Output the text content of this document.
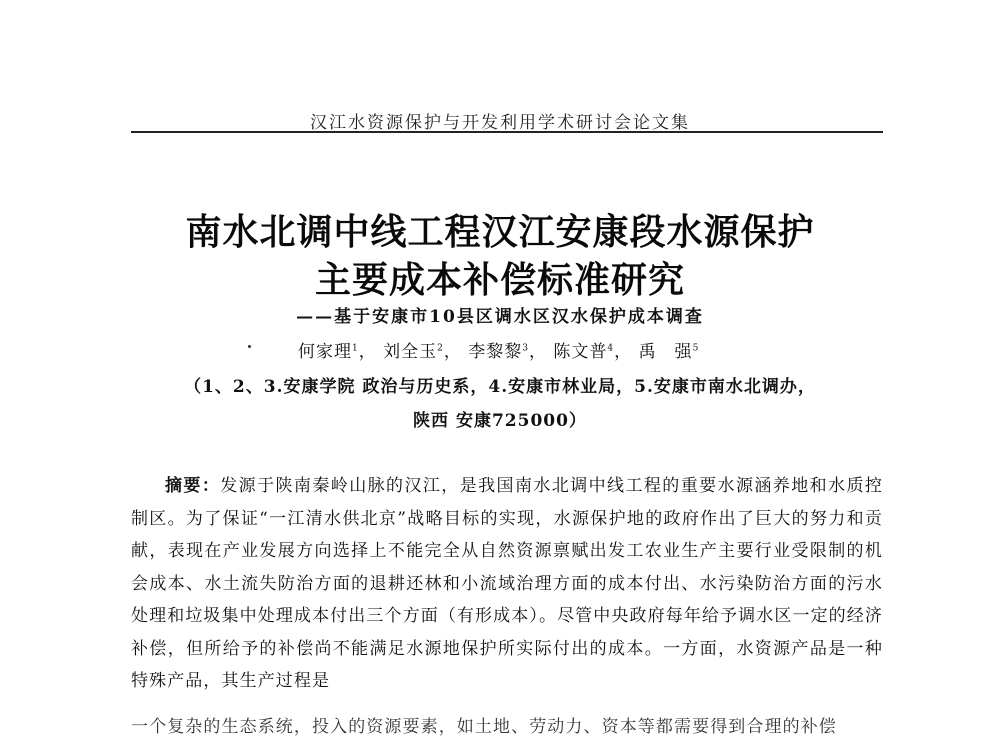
汉江水资源保护与开发利用学术研讨会论文集
南水北调中线工程汉江安康段水源保护
主要成本补偿标准研究
——基于安康市10县区调水区汉水保护成本调查
何家理$^1$， 刘全玉$^2$， 李黎黎$^3$， 陈文普$^4$， 禹　强$^5$
（1、2、3.安康学院 政治与历史系，4.安康市林业局，5.安康市南水北调办，
陕西 安康725000）

摘要：发源于陕南秦岭山脉的汉江，是我国南水北调中线工程的重要水源涵养地和水质控制区。为了保证“一江清水供北京”战略目标的实现，水源保护地的政府作出了巨大的努力和贡献，表现在产业发展方向选择上不能完全从自然资源禀赋出发工农业生产主要行业受限制的机会成本、水土流失防治方面的退耕还林和小流域治理方面的成本付出、水污染防治方面的污水处理和垃圾集中处理成本付出三个方面（有形成本）。尽管中央政府每年给予调水区一定的经济补偿，但所给予的补偿尚不能满足水源地保护所实际付出的成本。一方面，水资源产品是一种特殊产品，其生产过程是

一个复杂的生态系统，投入的资源要素，如土地、劳动力、资本等都需要得到合理的补偿
